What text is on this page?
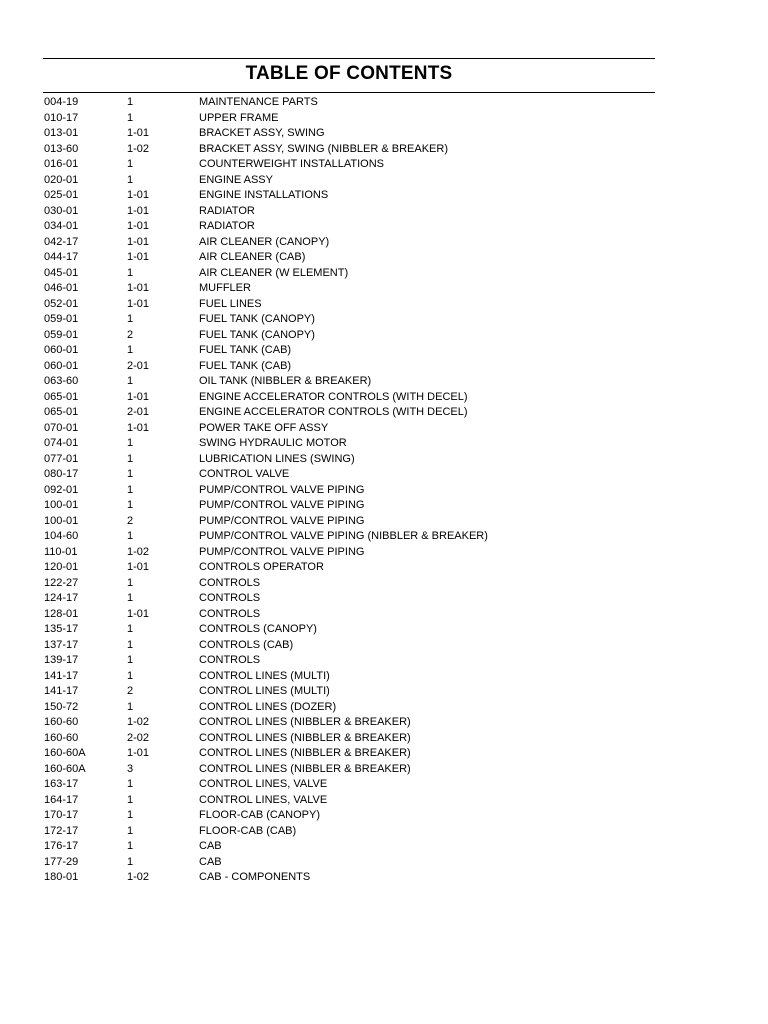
TABLE OF CONTENTS
004-19	1	MAINTENANCE PARTS
010-17	1	UPPER FRAME
013-01	1-01	BRACKET ASSY, SWING
013-60	1-02	BRACKET ASSY, SWING (NIBBLER & BREAKER)
016-01	1	COUNTERWEIGHT INSTALLATIONS
020-01	1	ENGINE ASSY
025-01	1-01	ENGINE INSTALLATIONS
030-01	1-01	RADIATOR
034-01	1-01	RADIATOR
042-17	1-01	AIR CLEANER (CANOPY)
044-17	1-01	AIR CLEANER (CAB)
045-01	1	AIR CLEANER (W ELEMENT)
046-01	1-01	MUFFLER
052-01	1-01	FUEL LINES
059-01	1	FUEL TANK (CANOPY)
059-01	2	FUEL TANK (CANOPY)
060-01	1	FUEL TANK (CAB)
060-01	2-01	FUEL TANK (CAB)
063-60	1	OIL TANK (NIBBLER & BREAKER)
065-01	1-01	ENGINE ACCELERATOR CONTROLS (WITH DECEL)
065-01	2-01	ENGINE ACCELERATOR CONTROLS (WITH DECEL)
070-01	1-01	POWER TAKE OFF ASSY
074-01	1	SWING HYDRAULIC MOTOR
077-01	1	LUBRICATION LINES (SWING)
080-17	1	CONTROL VALVE
092-01	1	PUMP/CONTROL VALVE PIPING
100-01	1	PUMP/CONTROL VALVE PIPING
100-01	2	PUMP/CONTROL VALVE PIPING
104-60	1	PUMP/CONTROL VALVE PIPING (NIBBLER & BREAKER)
110-01	1-02	PUMP/CONTROL VALVE PIPING
120-01	1-01	CONTROLS OPERATOR
122-27	1	CONTROLS
124-17	1	CONTROLS
128-01	1-01	CONTROLS
135-17	1	CONTROLS (CANOPY)
137-17	1	CONTROLS (CAB)
139-17	1	CONTROLS
141-17	1	CONTROL LINES (MULTI)
141-17	2	CONTROL LINES (MULTI)
150-72	1	CONTROL LINES (DOZER)
160-60	1-02	CONTROL LINES (NIBBLER & BREAKER)
160-60	2-02	CONTROL LINES (NIBBLER & BREAKER)
160-60A	1-01	CONTROL LINES (NIBBLER & BREAKER)
160-60A	3	CONTROL LINES (NIBBLER & BREAKER)
163-17	1	CONTROL LINES, VALVE
164-17	1	CONTROL LINES, VALVE
170-17	1	FLOOR-CAB (CANOPY)
172-17	1	FLOOR-CAB (CAB)
176-17	1	CAB
177-29	1	CAB
180-01	1-02	CAB - COMPONENTS
